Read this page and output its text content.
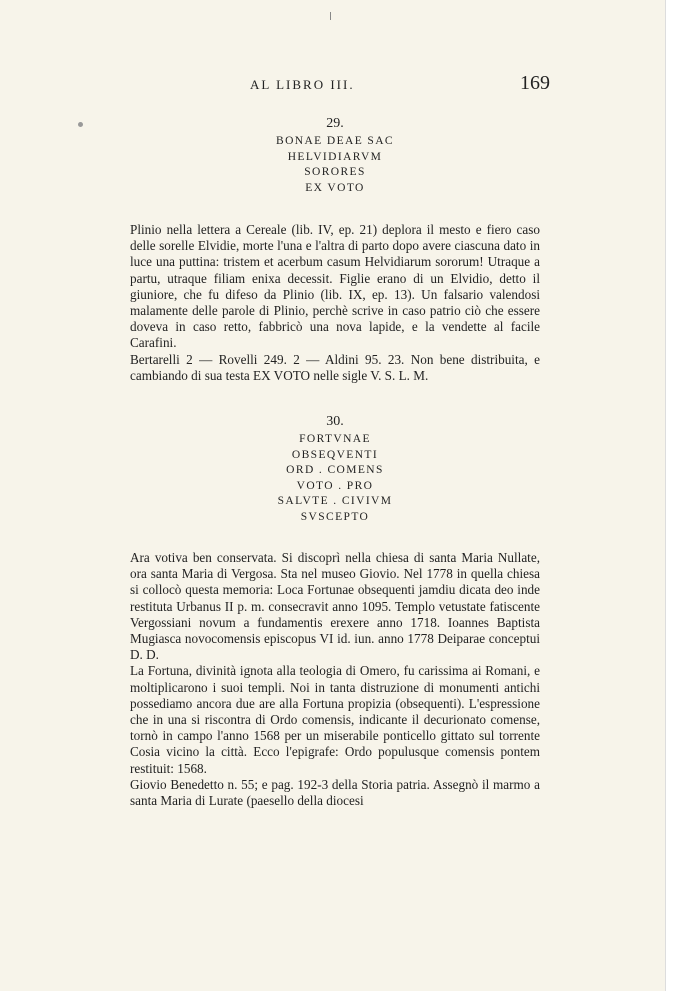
AL LIBRO III.	169
29.
BONAE DEAE SAC
HELVIDIARVM
SORORES
EX VOTO

Plinio nella lettera a Cereale (lib. IV, ep. 21) deplora il mesto e fiero caso delle sorelle Elvidie, morte l'una e l'altra di parto dopo avere ciascuna dato in luce una puttina: tristem et acerbum casum Helvidiarum sororum! Utraque a partu, utraque filiam enixa decessit. Figlie erano di un Elvidio, detto il giuniore, che fu difeso da Plinio (lib. IX, ep. 13). Un falsario valendosi malamente delle parole di Plinio, perchè scrive in caso patrio ciò che essere doveva in caso retto, fabbricò una nova lapide, e la vendette al facile Carafini.

Bertarelli 2 — Rovelli 249. 2 — Aldini 95. 23. Non bene distribuita, e cambiando di sua testa EX VOTO nelle sigle V. S. L. M.

30.
FORTVNAE
OBSEQVENTI
ORD . COMENS
VOTO . PRO
SALVTE . CIVIVM
SVSCEPTO

Ara votiva ben conservata. Si discoprì nella chiesa di santa Maria Nullate, ora santa Maria di Vergosa. Sta nel museo Giovio. Nel 1778 in quella chiesa si collocò questa memoria: Loca Fortunae obsequenti jamdiu dicata deo inde restituta Urbanus II p. m. consecravit anno 1095. Templo vetustate fatiscente Vergossiani novum a fundamentis erexere anno 1718. Ioannes Baptista Mugiasca novocomensis episcopus VI id. iun. anno 1778 Deiparae conceptui D. D.

La Fortuna, divinità ignota alla teologia di Omero, fu carissima ai Romani, e moltiplicarono i suoi templi. Noi in tanta distruzione di monumenti antichi possediamo ancora due are alla Fortuna propizia (obsequenti). L'espressione che in una si riscontra di Ordo comensis, indicante il decurionato comense, tornò in campo l'anno 1568 per un miserabile ponticello gittato sul torrente Cosia vicino la città. Ecco l'epigrafe: Ordo populusque comensis pontem restituit: 1568.

Giovio Benedetto n. 55; e pag. 192-3 della Storia patria. Assegnò il marmo a santa Maria di Lurate (paesello della diocesi
